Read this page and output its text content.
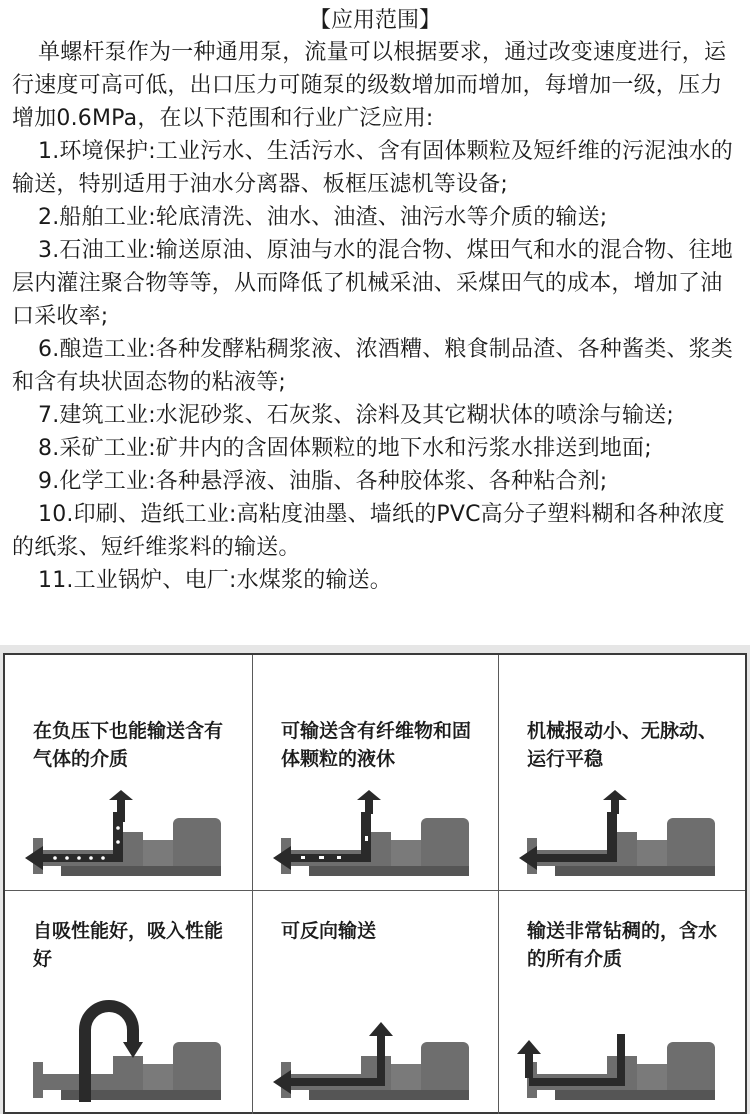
【应用范围】

单螺杆泵作为一种通用泵，流量可以根据要求，通过改变速度进行，运行速度可高可低，出口压力可随泵的级数增加而增加，每增加一级，压力增加0.6MPa，在以下范围和行业广泛应用:

1.环境保护:工业污水、生活污水、含有固体颗粒及短纤维的污泥浊水的输送，特别适用于油水分离器、板框压滤机等设备;

2.船舶工业:轮底清洗、油水、油渣、油污水等介质的输送;

3.石油工业:输送原油、原油与水的混合物、煤田气和水的混合物、往地层内灌注聚合物等等，从而降低了机械采油、采煤田气的成本，增加了油口采收率;

6.酿造工业:各种发酵粘稠浆液、浓酒糟、粮食制品渣、各种酱类、浆类和含有块状固态物的粘液等;

7.建筑工业:水泥砂浆、石灰浆、涂料及其它糊状体的喷涂与输送;

8.采矿工业:矿井内的含固体颗粒的地下水和污浆水排送到地面;

9.化学工业:各种悬浮液、油脂、各种胶体浆、各种粘合剂;

10.印刷、造纸工业:高粘度油墨、墙纸的PVC高分子塑料糊和各种浓度的纸浆、短纤维浆料的输送。

11.工业锅炉、电厂:水煤浆的输送。

在负压下也能输送含有气体的介质
可输送含有纤维物和固体颗粒的液休
机械报动小、无脉动、运行平稳
自吸性能好，吸入性能好
可反向输送	输送非常钻稠的，含水的所有介质
